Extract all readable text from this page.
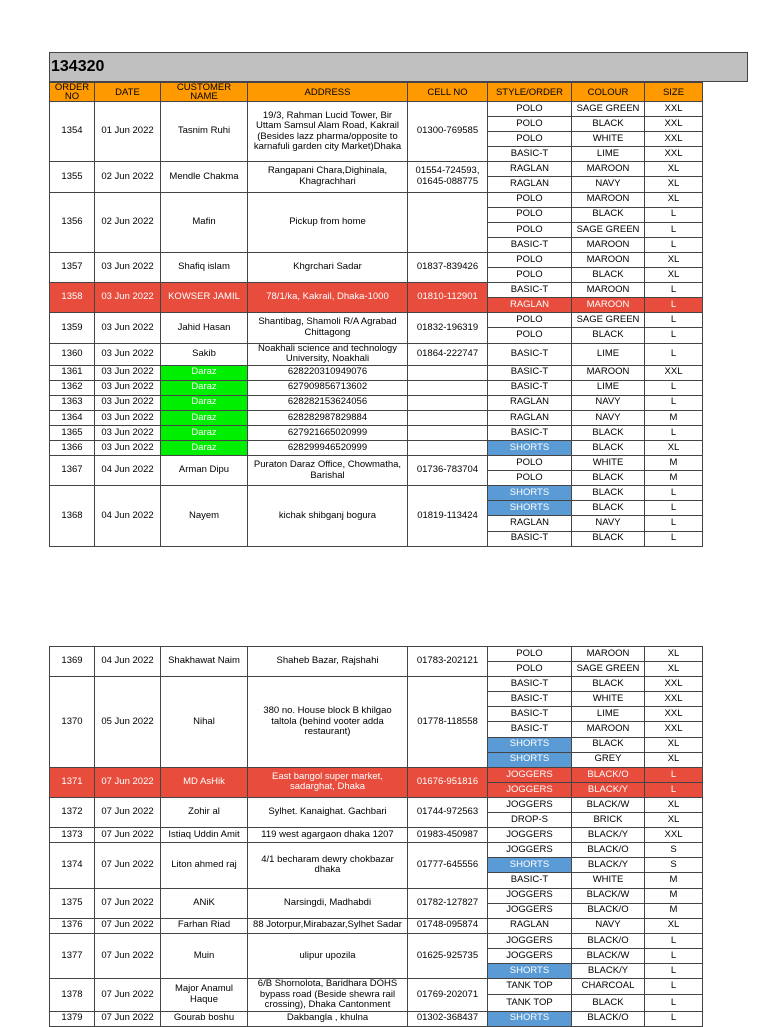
134320
ORDER NO	DATE	CUSTOMER NAME	ADDRESS	CELL NO	STYLE/ORDER	COLOUR	SIZE
1354	01 Jun 2022	Tasnim Ruhi	19/3, Rahman Lucid Tower, Bir Uttam Samsul Alam Road, Kakrail (Besides lazz pharma/opposite to karnafuli garden city Market)Dhaka	01300-769585	POLO	SAGE GREEN	XXL
					POLO	BLACK	XXL
					POLO	WHITE	XXL
					BASIC-T	LIME	XXL
1355	02 Jun 2022	Mendle Chakma	Rangapani Chara,Dighinala, Khagrachhari	01554-724593, 01645-088775	RAGLAN	MAROON	XL
					RAGLAN	NAVY	XL
1356	02 Jun 2022	Mafin	Pickup from home		POLO	MAROON	XL
					POLO	BLACK	L
					POLO	SAGE GREEN	L
					BASIC-T	MAROON	L
1357	03 Jun 2022	Shafiq islam	Khgrchari Sadar	01837-839426	POLO	MAROON	XL
					POLO	BLACK	XL
1358	03 Jun 2022	KOWSER JAMIL	78/1/ka, Kakrail, Dhaka-1000	01810-112901	BASIC-T	MAROON	L
					RAGLAN	MAROON	L
1359	03 Jun 2022	Jahid Hasan	Shantibag, Shamoli R/A Agrabad Chittagong	01832-196319	POLO	SAGE GREEN	L
					POLO	BLACK	L
1360	03 Jun 2022	Sakib	Noakhali science and technology University, Noakhali	01864-222747	BASIC-T	LIME	L
1361	03 Jun 2022	Daraz	628220310949076		BASIC-T	MAROON	XXL
1362	03 Jun 2022	Daraz	627909856713602		BASIC-T	LIME	L
1363	03 Jun 2022	Daraz	628282153624056		RAGLAN	NAVY	L
1364	03 Jun 2022	Daraz	628282987829884		RAGLAN	NAVY	M
1365	03 Jun 2022	Daraz	627921665020999		BASIC-T	BLACK	L
1366	03 Jun 2022	Daraz	628299946520999		SHORTS	BLACK	XL
1367	04 Jun 2022	Arman Dipu	Puraton Daraz Office, Chowmatha, Barishal	01736-783704	POLO	WHITE	M
					POLO	BLACK	M
1368	04 Jun 2022	Nayem	kichak shibganj bogura	01819-113424	SHORTS	BLACK	L
					SHORTS	BLACK	L
					RAGLAN	NAVY	L
					BASIC-T	BLACK	L
1369	04 Jun 2022	Shakhawat Naim	Shaheb Bazar, Rajshahi	01783-202121	POLO	MAROON	XL
					POLO	SAGE GREEN	XL
1370	05 Jun 2022	Nihal	380 no. House block B khilgao taltola (behind vooter adda restaurant)	01778-118558	BASIC-T	BLACK	XXL
					BASIC-T	WHITE	XXL
					BASIC-T	LIME	XXL
					BASIC-T	MAROON	XXL
					SHORTS	BLACK	XL
					SHORTS	GREY	XL
1371	07 Jun 2022	MD AsHik	East bangol super market, sadarghat, Dhaka	01676-951816	JOGGERS	BLACK/O	L
					JOGGERS	BLACK/Y	L
1372	07 Jun 2022	Zohir al	Sylhet. Kanaighat. Gachbari	01744-972563	JOGGERS	BLACK/W	XL
					DROP-S	BRICK	XL
1373	07 Jun 2022	Istiaq Uddin Amit	119 west agargaon dhaka 1207	01983-450987	JOGGERS	BLACK/Y	XXL
1374	07 Jun 2022	Liton ahmed raj	4/1 becharam dewry chokbazar dhaka	01777-645556	JOGGERS	BLACK/O	S
					SHORTS	BLACK/Y	S
					BASIC-T	WHITE	M
1375	07 Jun 2022	ANiK	Narsingdi, Madhabdi	01782-127827	JOGGERS	BLACK/W	M
					JOGGERS	BLACK/O	M
1376	07 Jun 2022	Farhan Riad	88 Jotorpur,Mirabazar,Sylhet Sadar	01748-095874	RAGLAN	NAVY	XL
1377	07 Jun 2022	Muin	ulipur upozila	01625-925735	JOGGERS	BLACK/O	L
					JOGGERS	BLACK/W	L
					SHORTS	BLACK/Y	L
1378	07 Jun 2022	Major Anamul Haque	6/B Shornolota, Baridhara DOHS bypass road (Beside shewra rail crossing), Dhaka Cantonment	01769-202071	TANK TOP	CHARCOAL	L
					TANK TOP	BLACK	L
1379	07 Jun 2022	Gourab boshu	Dakbangla , khulna	01302-368437	SHORTS	BLACK/O	L
